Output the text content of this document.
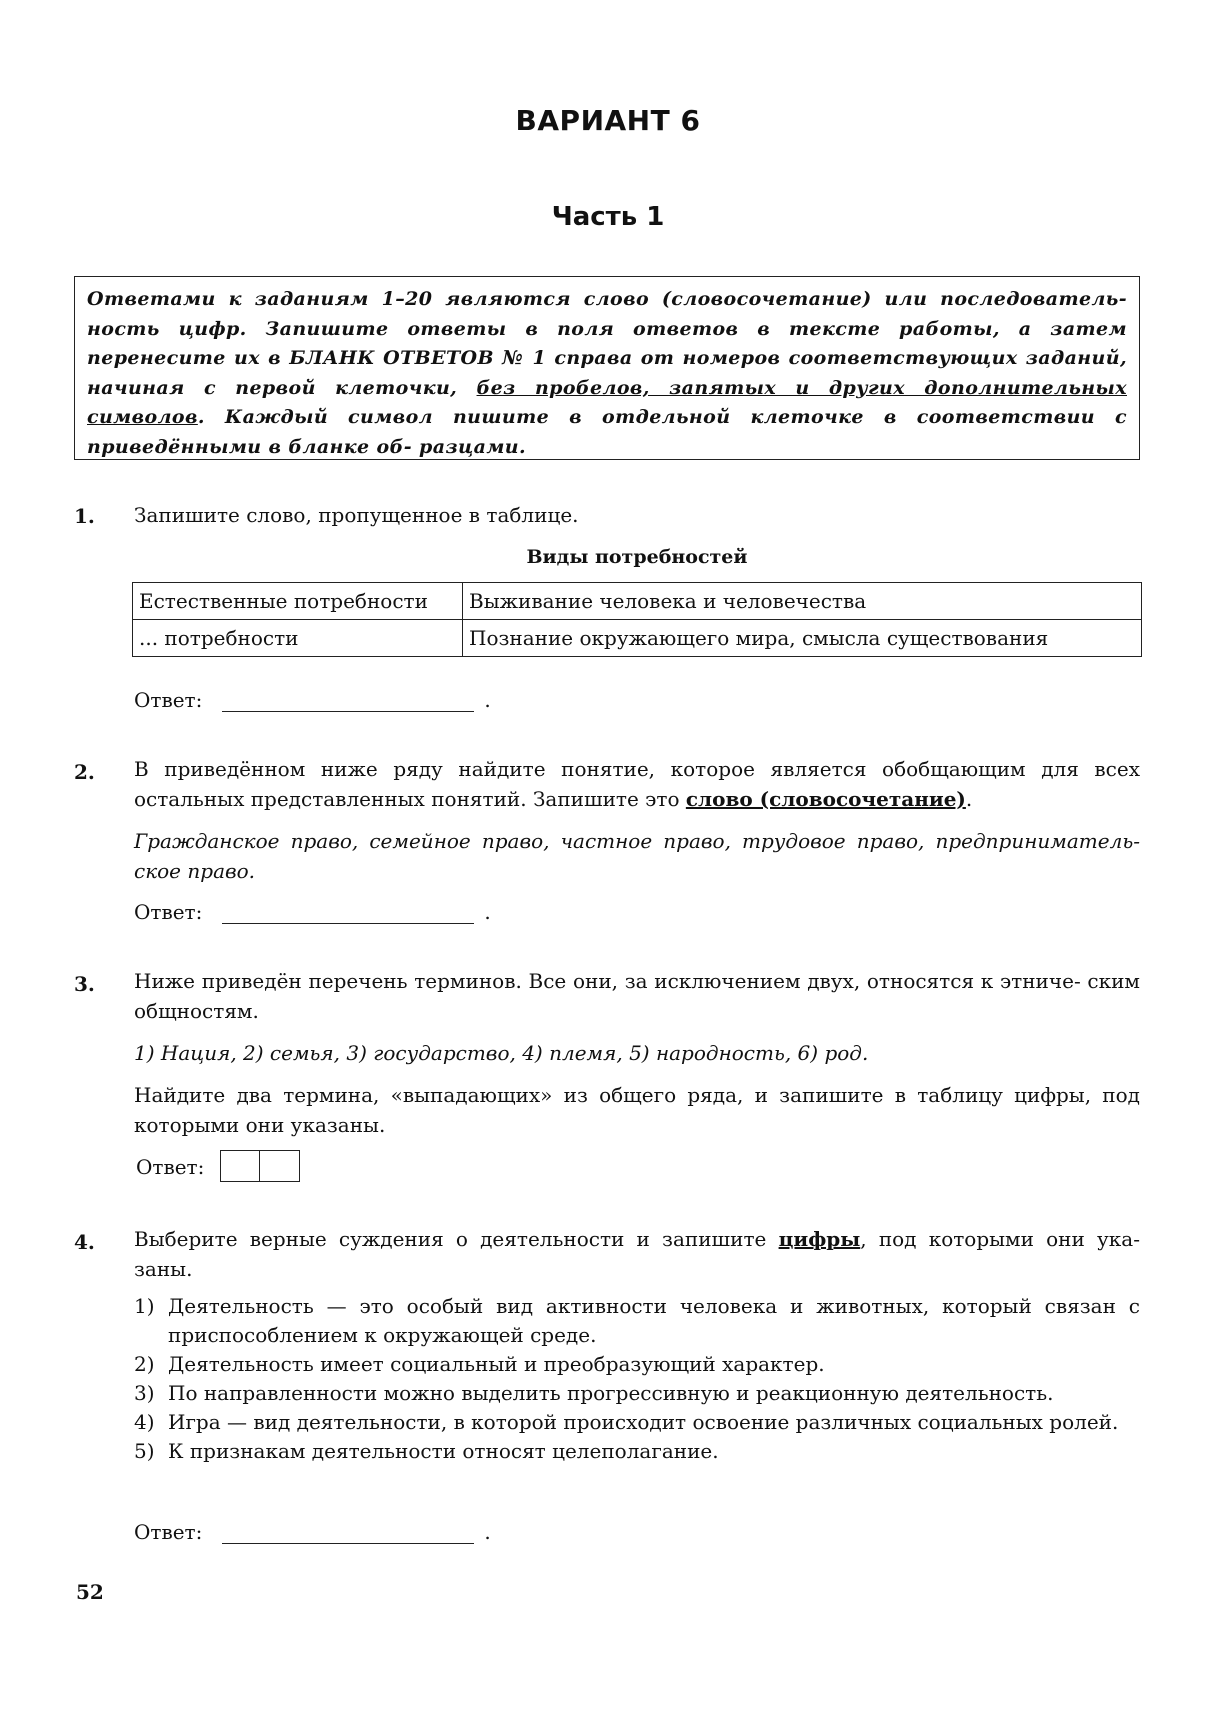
ВАРИАНТ 6
Часть 1
Ответами к заданиям 1–20 являются слово (словосочетание) или последователь- ность цифр. Запишите ответы в поля ответов в тексте работы, а затем перенесите их в БЛАНК ОТВЕТОВ № 1 справа от номеров соответствующих заданий, начиная с первой клеточки, без пробелов, запятых и других дополнительных символов. Каждый символ пишите в отдельной клеточке в соответствии с приведёнными в бланке об- разцами.
1. Запишите слово, пропущенное в таблице.
Виды потребностей
Естественные потребности	Выживание человека и человечества
... потребности	Познание окружающего мира, смысла существования
Ответ:	.
2. В приведённом ниже ряду найдите понятие, которое является обобщающим для всех остальных представленных понятий. Запишите это слово (словосочетание).
Гражданское право, семейное право, частное право, трудовое право, предприниматель- ское право.
Ответ:	.
3. Ниже приведён перечень терминов. Все они, за исключением двух, относятся к этниче- ским общностям.
1) Нация, 2) семья, 3) государство, 4) племя, 5) народность, 6) род.
Найдите два термина, «выпадающих» из общего ряда, и запишите в таблицу цифры, под которыми они указаны.
Ответ:
4. Выберите верные суждения о деятельности и запишите цифры, под которыми они ука- заны.
1) Деятельность — это особый вид активности человека и животных, который связан с приспособлением к окружающей среде.
2) Деятельность имеет социальный и преобразующий характер.
3) По направленности можно выделить прогрессивную и реакционную деятельность.
4) Игра — вид деятельности, в которой происходит освоение различных социальных ролей.
5) К признакам деятельности относят целеполагание.
Ответ:	.
52
